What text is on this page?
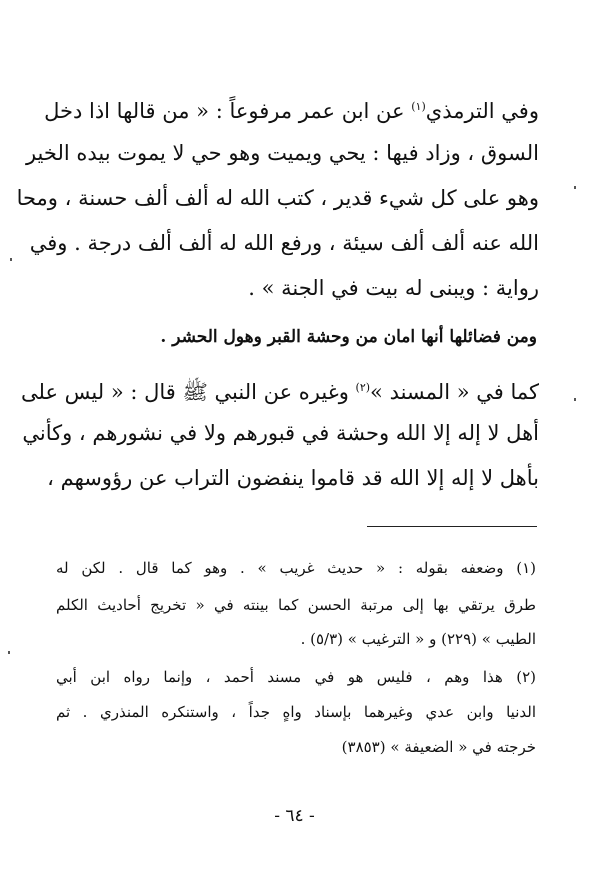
وفي الترمذي$^{(١)}$ عن ابن عمر مرفوعاً : « من قالها اذا دخل
السوق ، وزاد فيها : يحي ويميت وهو حي لا يموت بيده الخير
وهو على كل شيء قدير ، كتب الله له ألف ألف حسنة ، ومحا
الله عنه ألف ألف سيئة ، ورفع الله له ألف ألف درجة . وفي
رواية : ويبنى له بيت في الجنة » .
ومن فضائلها أنها امان من وحشة القبر وهول الحشر .
كما في « المسند »$^{(٢)}$ وغيره عن النبي ﷺ قال : « ليس على
أهل لا إله إلا الله وحشة في قبورهم ولا في نشورهم ، وكأني
بأهل لا إله إلا الله قد قاموا ينفضون التراب عن رؤوسهم ،
(١) وضعفه بقوله : « حديث غريب » . وهو كما قال . لكن له
طرق يرتقي بها إلى مرتبة الحسن كما بينته في « تخريج أحاديث الكلم
الطيب » (٢٢٩) و « الترغيب » (٥/٣) .
(٢) هذا وهم ، فليس هو في مسند أحمد ، وإنما رواه ابن أبي
الدنيا وابن عدي وغيرهما بإسناد واهٍ جداً ، واستنكره المنذري . ثم
خرجته في « الضعيفة » (٣٨٥٣)
- ٦٤ -
